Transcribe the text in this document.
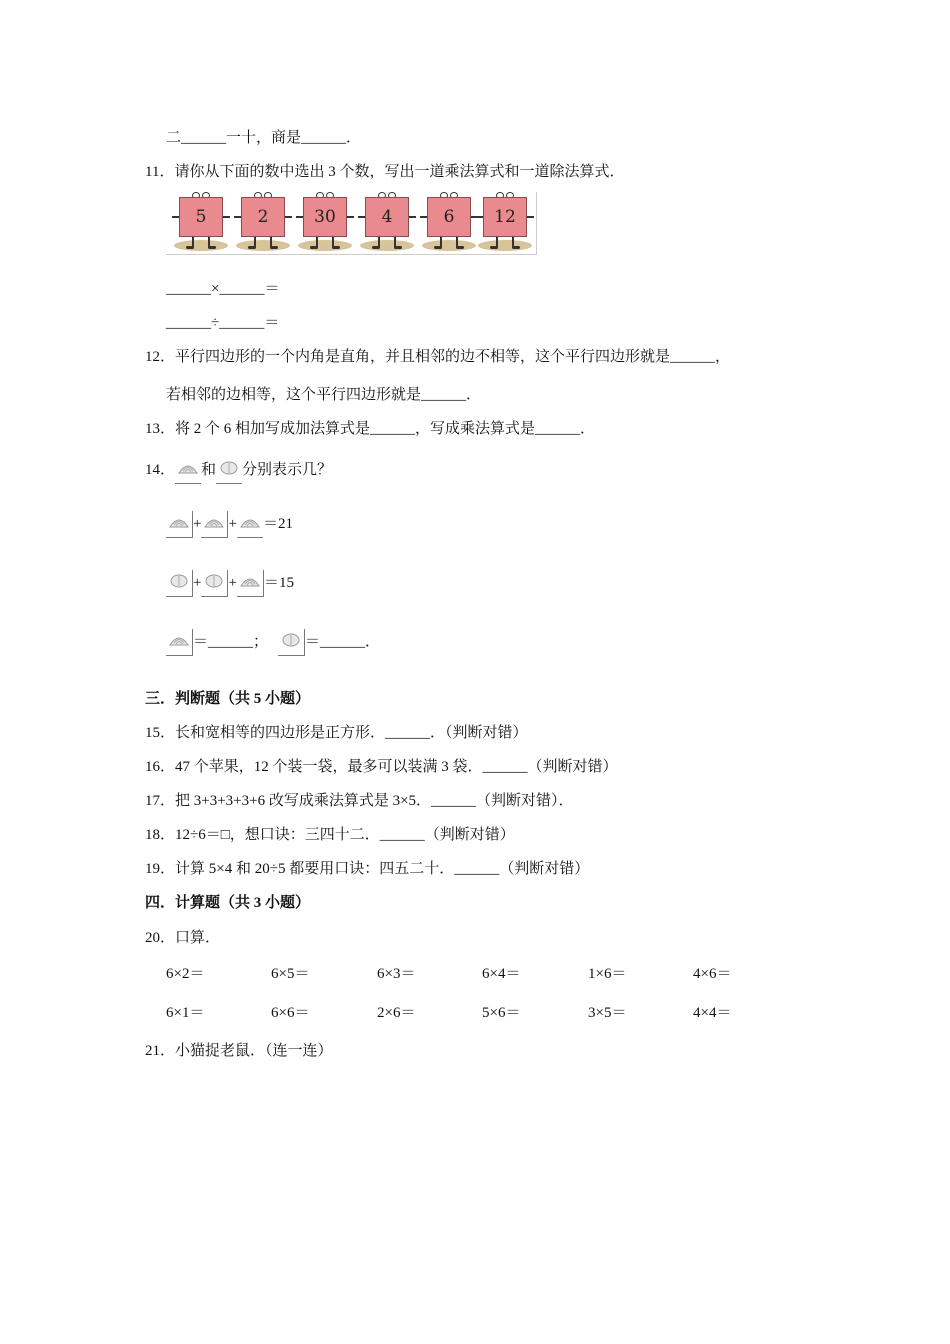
二______一十，商是______．
11．请你从下面的数中选出 3 个数，写出一道乘法算式和一道除法算式．
5	2	30	4	6	12
______×______＝
______÷______＝
12．平行四边形的一个内角是直角，并且相邻的边不相等，这个平行四边形就是______，
若相邻的边相等，这个平行四边形就是______．
13．将 2 个 6 相加写成加法算式是______，写成乘法算式是______．
14． 和 分别表示几？
+ + ＝21
+ + ＝15
＝______； ＝______．
三．判断题（共 5 小题）
15．长和宽相等的四边形是正方形．______．（判断对错）
16．47 个苹果，12 个装一袋，最多可以装满 3 袋．______（判断对错）
17．把 3+3+3+3+6 改写成乘法算式是 3×5．______（判断对错）．
18．12÷6＝□，想口诀：三四十二．______（判断对错）
19．计算 5×4 和 20÷5 都要用口诀：四五二十．______（判断对错）
四．计算题（共 3 小题）
20．口算．
6×2＝	6×5＝	6×3＝	6×4＝	1×6＝	4×6＝
6×1＝	6×6＝	2×6＝	5×6＝	3×5＝	4×4＝
21．小猫捉老鼠．（连一连）
